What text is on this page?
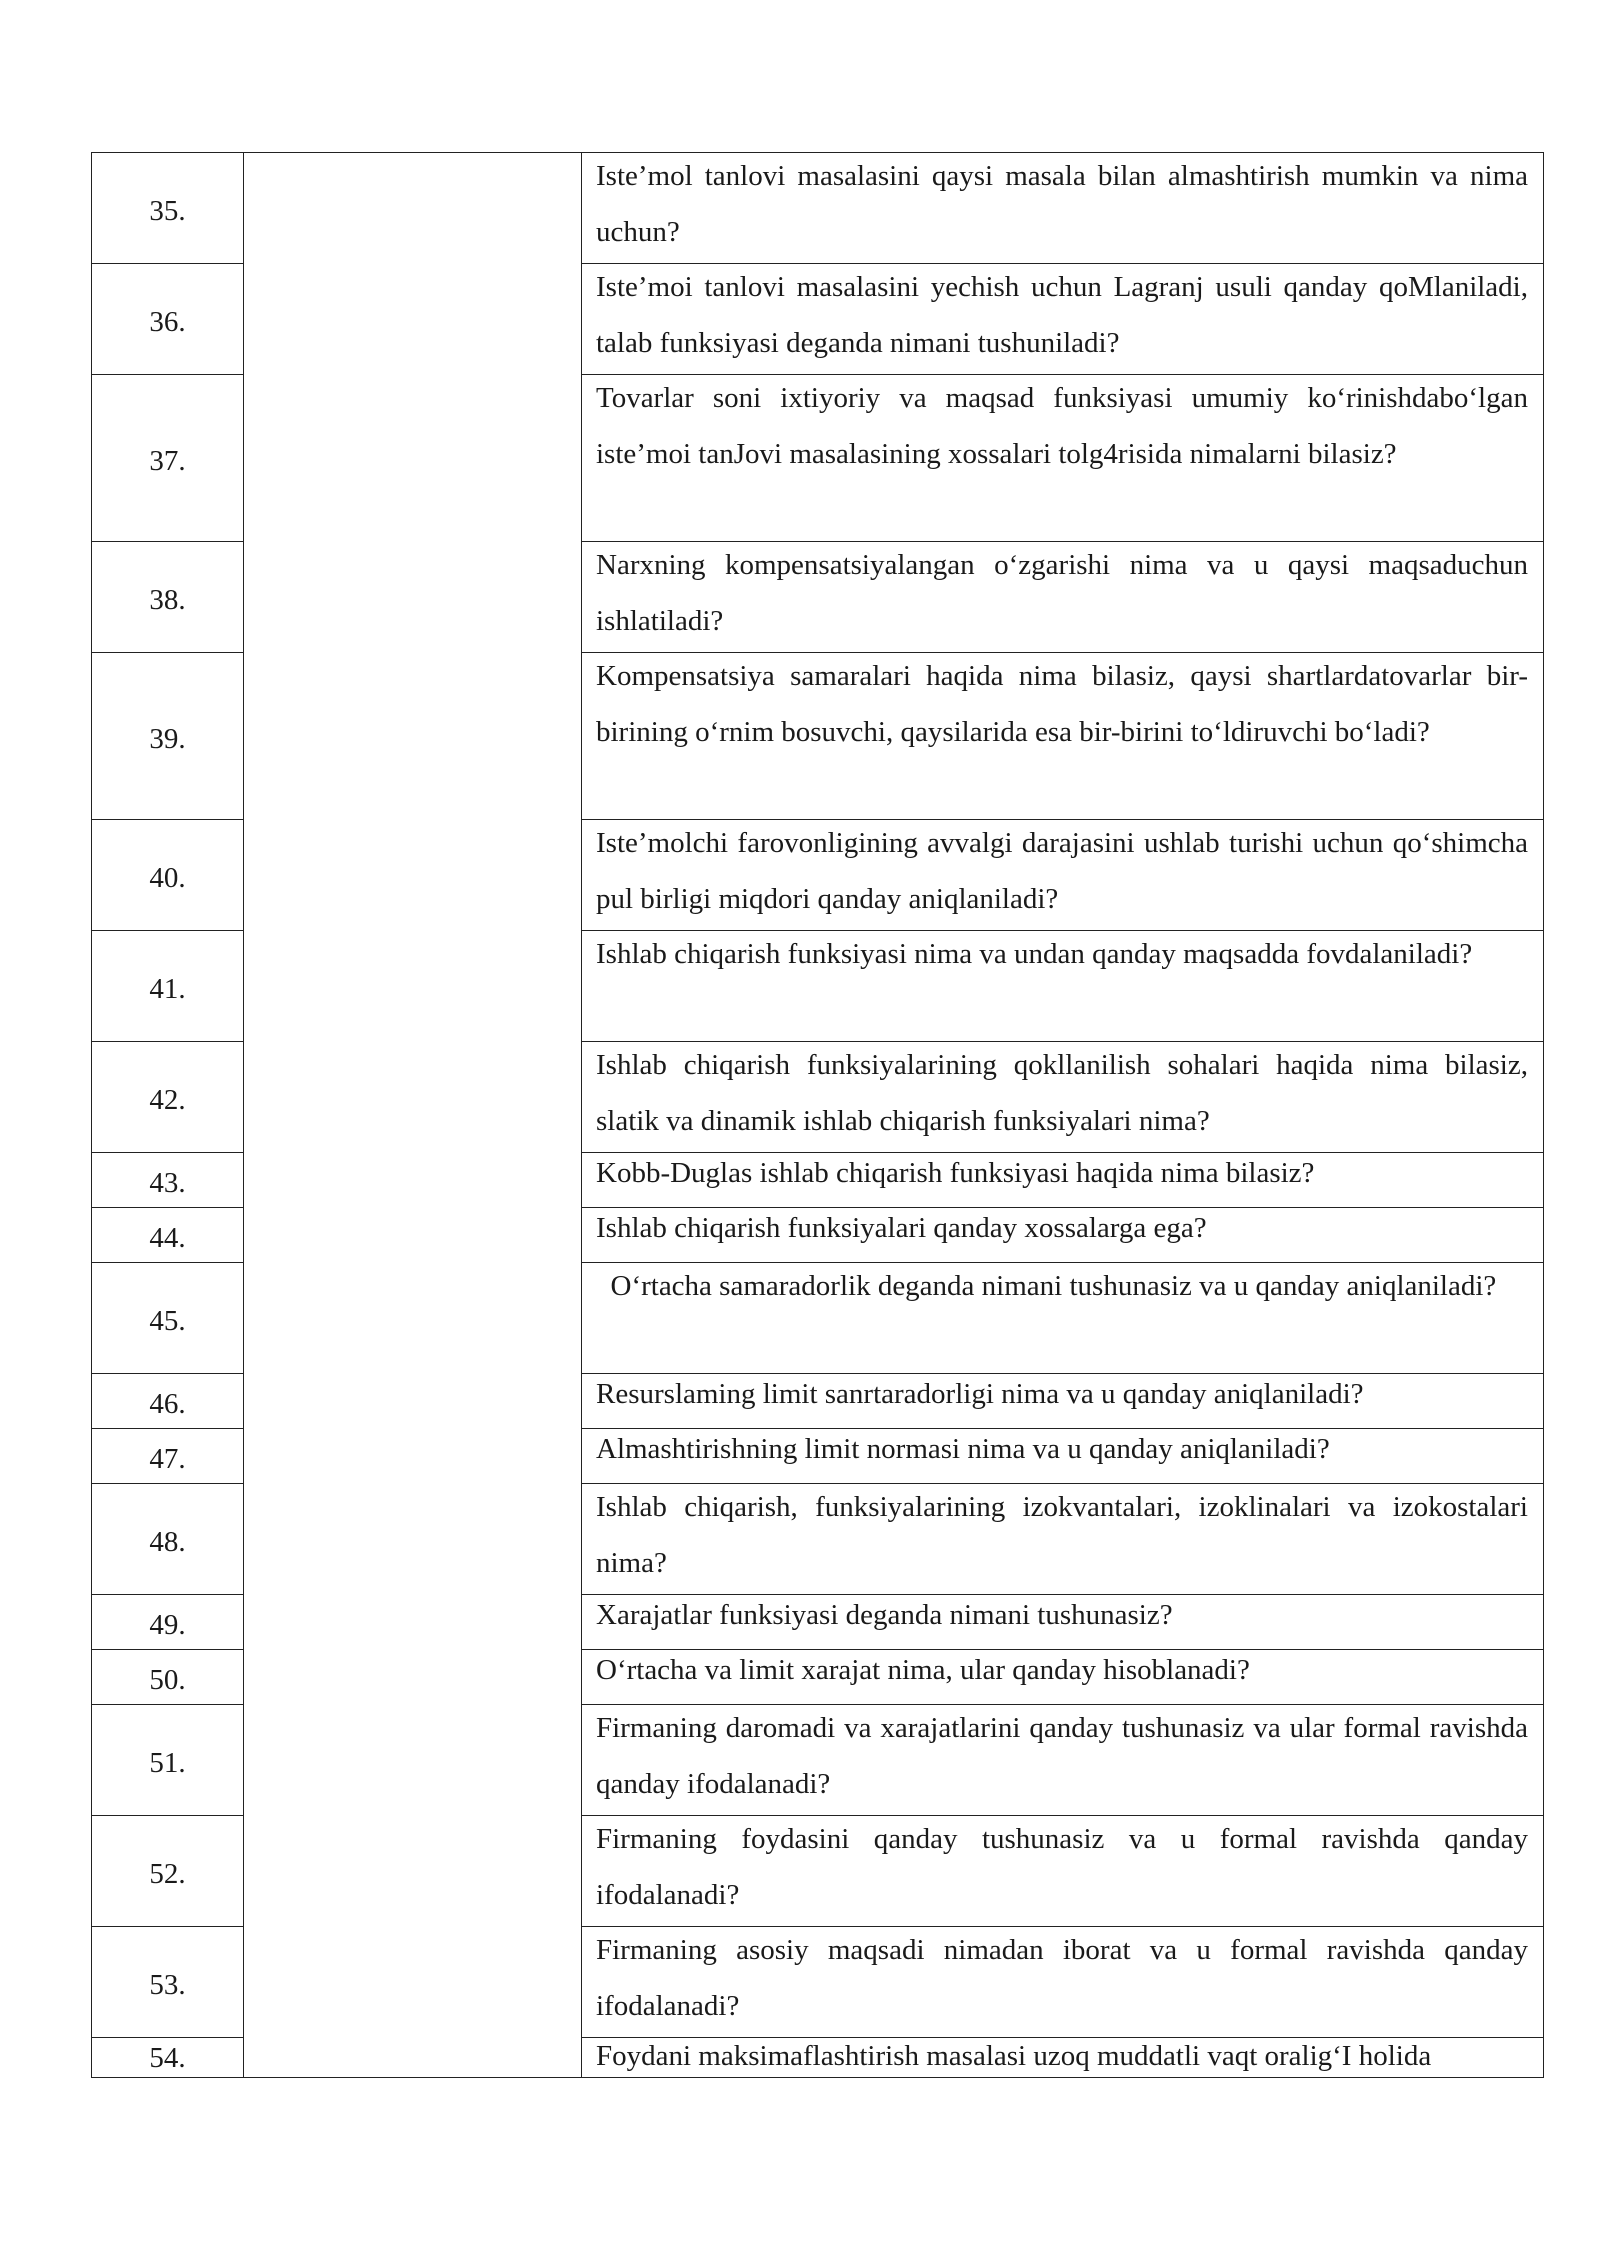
35.		Iste’mol tanlovi masalasini qaysi masala bilan almashtirish mumkin va nima uchun?

36.		Iste’moi tanlovi masalasini yechish uchun Lagranj usuli qanday qoMlaniladi, talab funksiyasi deganda nimani tushuniladi?

37.		Tovarlar soni ixtiyoriy va maqsad funksiyasi umumiy ko‘rinishdabo‘lgan iste’moi tanJovi masalasining xossalari tolg4risida nimalarni bilasiz?

38.		Narxning kompensatsiyalangan o‘zgarishi nima va u qaysi maqsaduchun ishlatiladi?

39.		Kompensatsiya samaralari haqida nima bilasiz, qaysi shartlardatovarlar bir-birining o‘rnim bosuvchi, qaysilarida esa bir-birini to‘ldiruvchi bo‘ladi?

40.		Iste’molchi farovonligining avvalgi darajasini ushlab turishi uchun qo‘shimcha pul birligi miqdori qanday aniqlaniladi?

41.		Ishlab chiqarish funksiyasi nima va undan qanday maqsadda fovdalaniladi?

42.		Ishlab chiqarish funksiyalarining qokllanilish sohalari haqida nima bilasiz, slatik va dinamik ishlab chiqarish funksiyalari nima?

43.		Kobb-Duglas ishlab chiqarish funksiyasi haqida nima bilasiz?

44.		Ishlab chiqarish funksiyalari qanday xossalarga ega?

45.		O‘rtacha samaradorlik deganda nimani tushunasiz va u qanday aniqlaniladi?

46.		Resurslaming limit sanrtaradorligi nima va u qanday aniqlaniladi?

47.		Almashtirishning limit normasi nima va u qanday aniqlaniladi?

48.		Ishlab chiqarish, funksiyalarining izokvantalari, izoklinalari va izokostalari nima?

49.		Xarajatlar funksiyasi deganda nimani tushunasiz?

50.		O‘rtacha va limit xarajat nima, ular qanday hisoblanadi?

51.		Firmaning daromadi va xarajatlarini qanday tushunasiz va ular formal ravishda qanday ifodalanadi?

52.		Firmaning foydasini qanday tushunasiz va u formal ravishda qanday ifodalanadi?

53.		Firmaning asosiy maqsadi nimadan iborat va u formal ravishda qanday ifodalanadi?

54.		Foydani maksimaflashtirish masalasi uzoq muddatli vaqt oralig‘I holida
